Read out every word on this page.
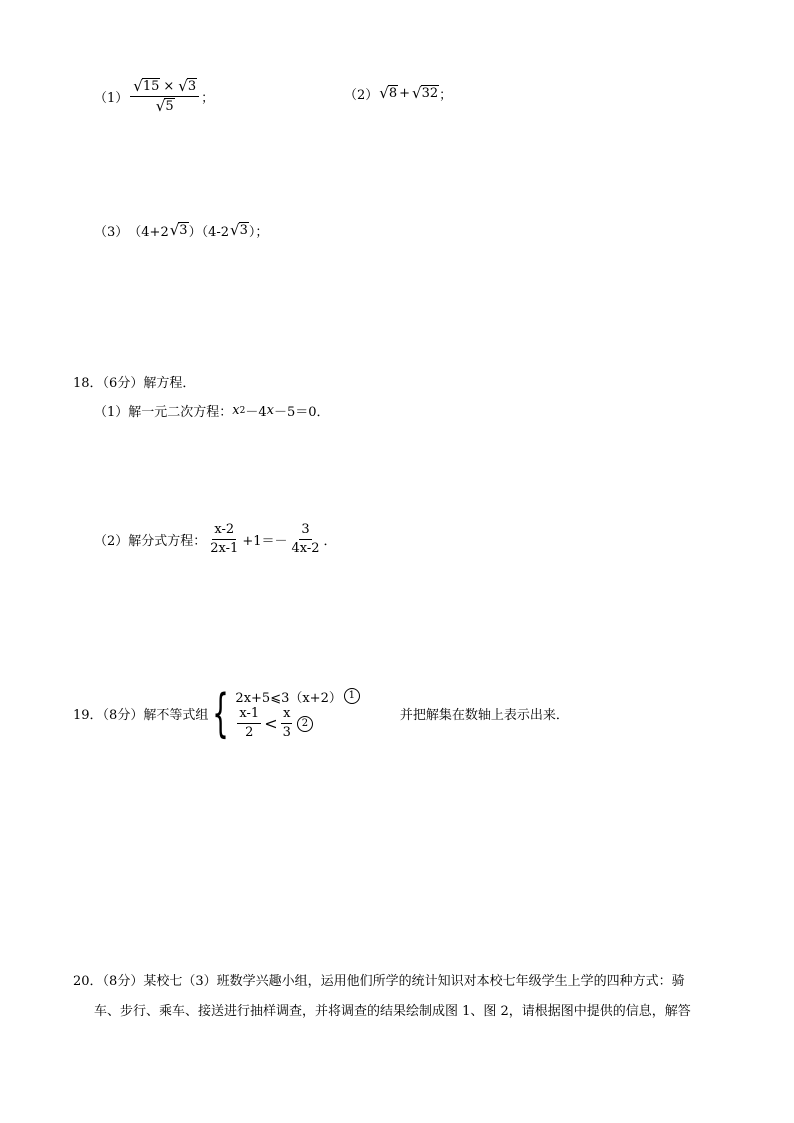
$(1) \frac{√ 15 \times √ 3}{√ 5}$ ；	（2） √ 8 + √ 32 ；
（3） （4+2 √ 3 ）（4-2 √ 3 ）；
18．（6分）解方程．
（1）解一元二次方程： x 2 －4 x －5＝0．
（2）解分式方程： $\frac{x-2}{2x-1} +1=- \frac{3}{4x-2}$ ．
19．（8分）解不等式组 { 2x+5⩽3（x+2） 1
$\frac{x-1}{2} < \frac{x}{3} 2$	并把解集在数轴上表示出来．
20．（8分）某校七（3）班数学兴趣小组，运用他们所学的统计知识对本校七年级学生上学的四种方式：骑
车、步行、乘车、接送进行抽样调查，并将调查的结果绘制成图 1、图 2，请根据图中提供的信息，解答
